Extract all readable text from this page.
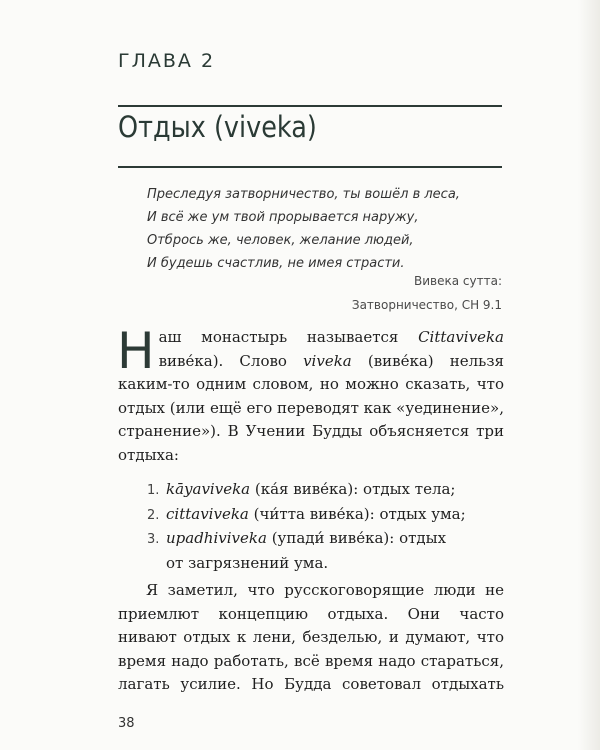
ГЛАВА 2
Отдых (viveka)
Преследуя затворничество, ты вошёл в леса,
И всё же ум твой прорывается наружу,
Отбрось же, человек, желание людей,
И будешь счастлив, не имея страсти.
Вивека сутта:
Затворничество, СН 9.1
Н аш монастырь называется Cittaviveka
виве́ка). Слово viveka (виве́ка) нельзя
каким-то одним словом, но можно сказать, что
отдых (или ещё его переводят как «уединение»,
странение»). В Учении Будды объясняется три
отдыха:
1. kāyaviveka (ка́я виве́ка): отдых тела;
2. cittaviveka (чи́тта виве́ка): отдых ума;
3. upadhiviveka (упади́ виве́ка): отдых
от загрязнений ума.
Я заметил, что русскоговорящие люди не
приемлют концепцию отдыха. Они часто
нивают отдых к лени, безделью, и думают, что
время надо работать, всё время надо стараться,
лагать усилие. Но Будда советовал отдыхать
38
